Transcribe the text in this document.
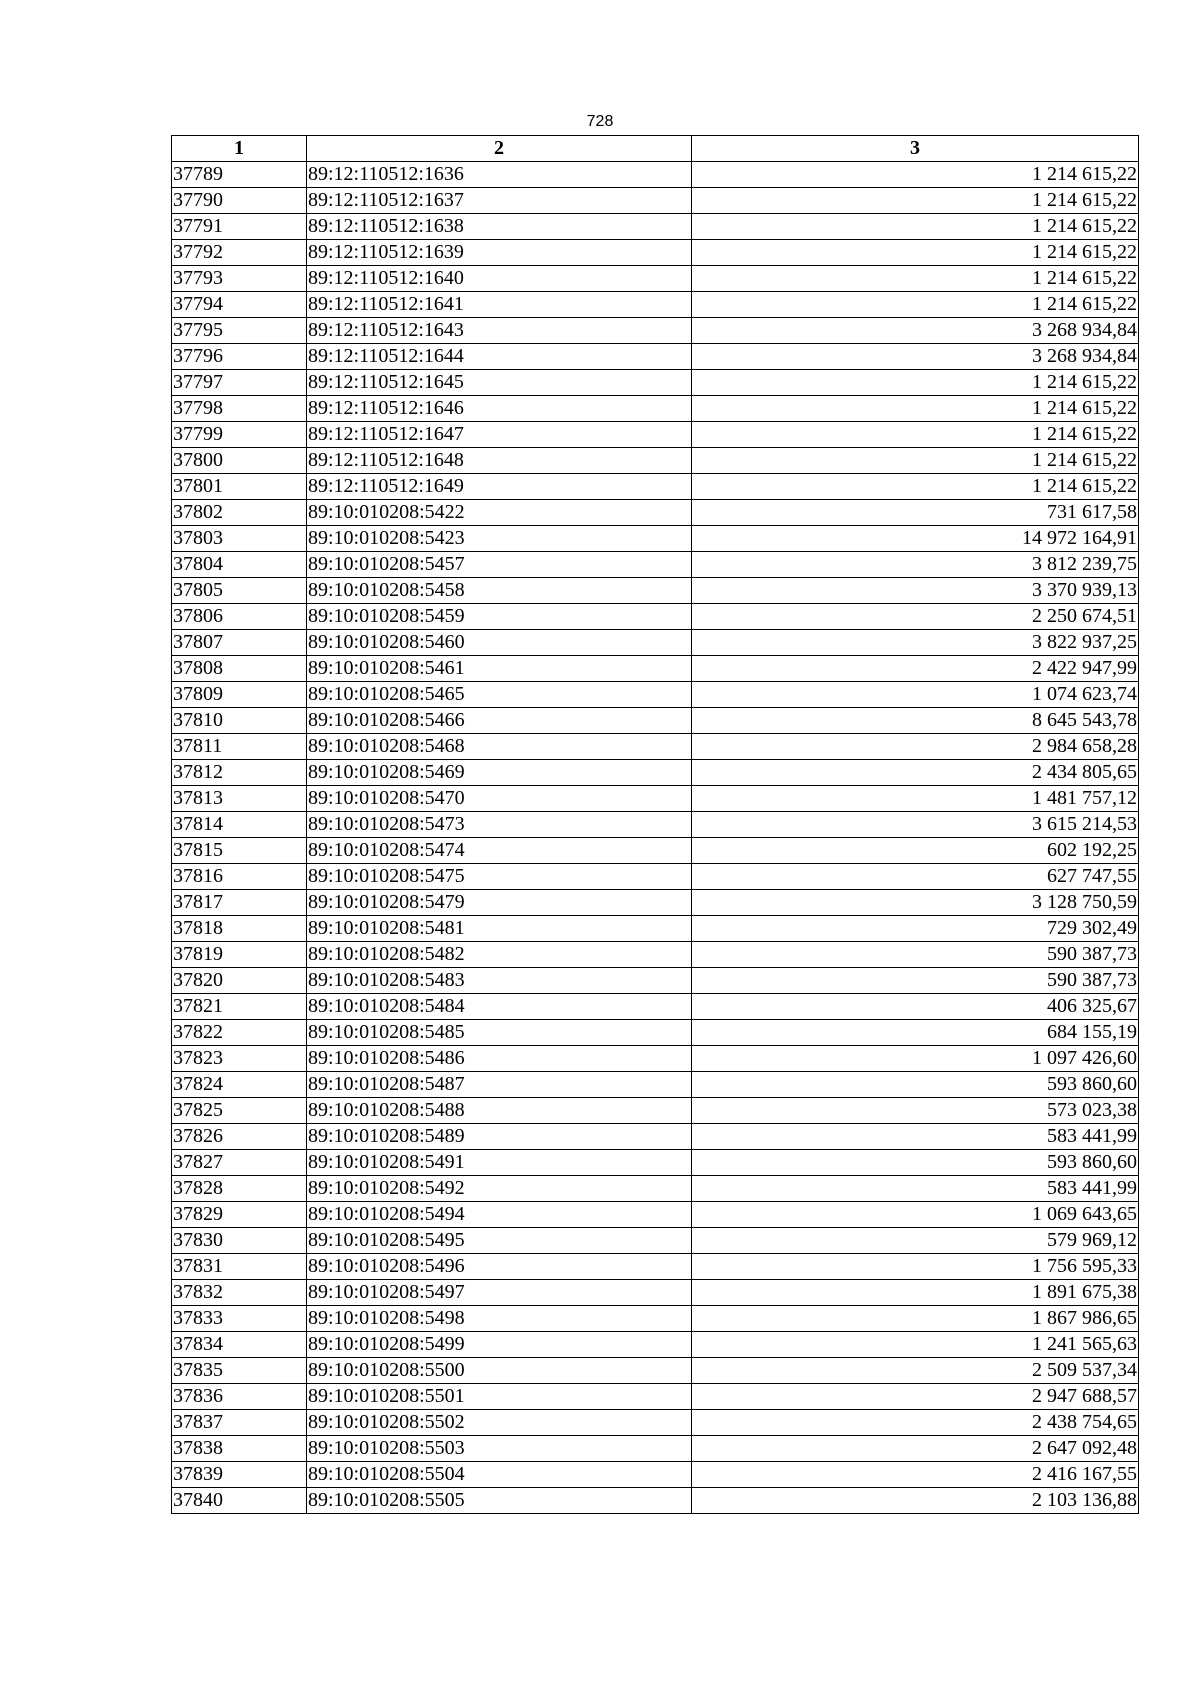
728
1	2	3
37789	89:12:110512:1636	1 214 615,22
37790	89:12:110512:1637	1 214 615,22
37791	89:12:110512:1638	1 214 615,22
37792	89:12:110512:1639	1 214 615,22
37793	89:12:110512:1640	1 214 615,22
37794	89:12:110512:1641	1 214 615,22
37795	89:12:110512:1643	3 268 934,84
37796	89:12:110512:1644	3 268 934,84
37797	89:12:110512:1645	1 214 615,22
37798	89:12:110512:1646	1 214 615,22
37799	89:12:110512:1647	1 214 615,22
37800	89:12:110512:1648	1 214 615,22
37801	89:12:110512:1649	1 214 615,22
37802	89:10:010208:5422	731 617,58
37803	89:10:010208:5423	14 972 164,91
37804	89:10:010208:5457	3 812 239,75
37805	89:10:010208:5458	3 370 939,13
37806	89:10:010208:5459	2 250 674,51
37807	89:10:010208:5460	3 822 937,25
37808	89:10:010208:5461	2 422 947,99
37809	89:10:010208:5465	1 074 623,74
37810	89:10:010208:5466	8 645 543,78
37811	89:10:010208:5468	2 984 658,28
37812	89:10:010208:5469	2 434 805,65
37813	89:10:010208:5470	1 481 757,12
37814	89:10:010208:5473	3 615 214,53
37815	89:10:010208:5474	602 192,25
37816	89:10:010208:5475	627 747,55
37817	89:10:010208:5479	3 128 750,59
37818	89:10:010208:5481	729 302,49
37819	89:10:010208:5482	590 387,73
37820	89:10:010208:5483	590 387,73
37821	89:10:010208:5484	406 325,67
37822	89:10:010208:5485	684 155,19
37823	89:10:010208:5486	1 097 426,60
37824	89:10:010208:5487	593 860,60
37825	89:10:010208:5488	573 023,38
37826	89:10:010208:5489	583 441,99
37827	89:10:010208:5491	593 860,60
37828	89:10:010208:5492	583 441,99
37829	89:10:010208:5494	1 069 643,65
37830	89:10:010208:5495	579 969,12
37831	89:10:010208:5496	1 756 595,33
37832	89:10:010208:5497	1 891 675,38
37833	89:10:010208:5498	1 867 986,65
37834	89:10:010208:5499	1 241 565,63
37835	89:10:010208:5500	2 509 537,34
37836	89:10:010208:5501	2 947 688,57
37837	89:10:010208:5502	2 438 754,65
37838	89:10:010208:5503	2 647 092,48
37839	89:10:010208:5504	2 416 167,55
37840	89:10:010208:5505	2 103 136,88
